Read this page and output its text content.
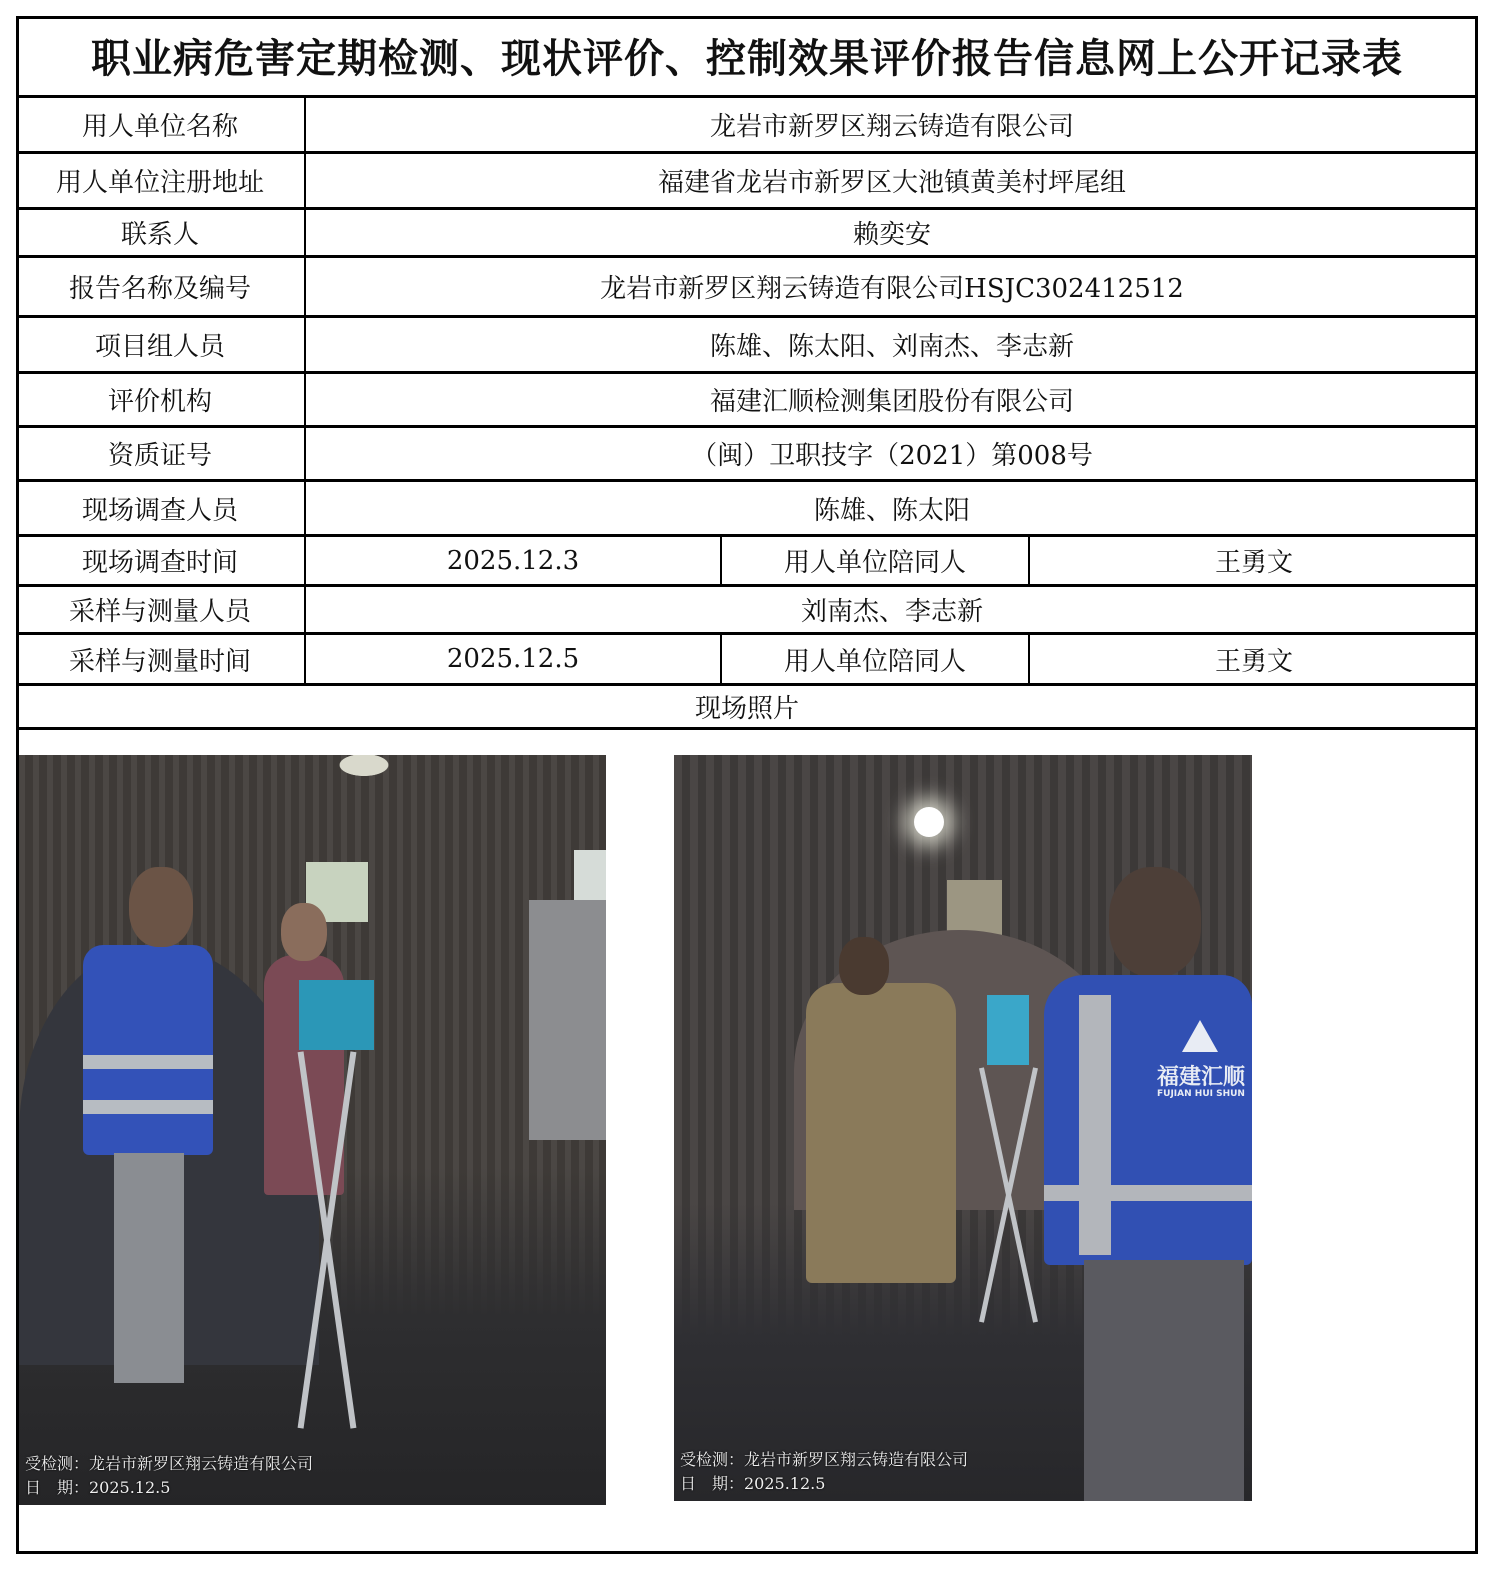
职业病危害定期检测、现状评价、控制效果评价报告信息网上公开记录表
用人单位名称	龙岩市新罗区翔云铸造有限公司
用人单位注册地址	福建省龙岩市新罗区大池镇黄美村坪尾组
联系人	赖奕安
报告名称及编号	龙岩市新罗区翔云铸造有限公司HSJC302412512
项目组人员	陈雄、陈太阳、刘南杰、李志新
评价机构	福建汇顺检测集团股份有限公司
资质证号	（闽）卫职技字（2021）第008号
现场调查人员	陈雄、陈太阳
现场调查时间	2025.12.3	用人单位陪同人	王勇文
采样与测量人员	刘南杰、李志新
采样与测量时间	2025.12.5	用人单位陪同人	王勇文
现场照片
受检测：龙岩市新罗区翔云铸造有限公司
日　期：2025.12.5
福建汇顺
FUJIAN HUI SHUN
受检测：龙岩市新罗区翔云铸造有限公司
日　期：2025.12.5
